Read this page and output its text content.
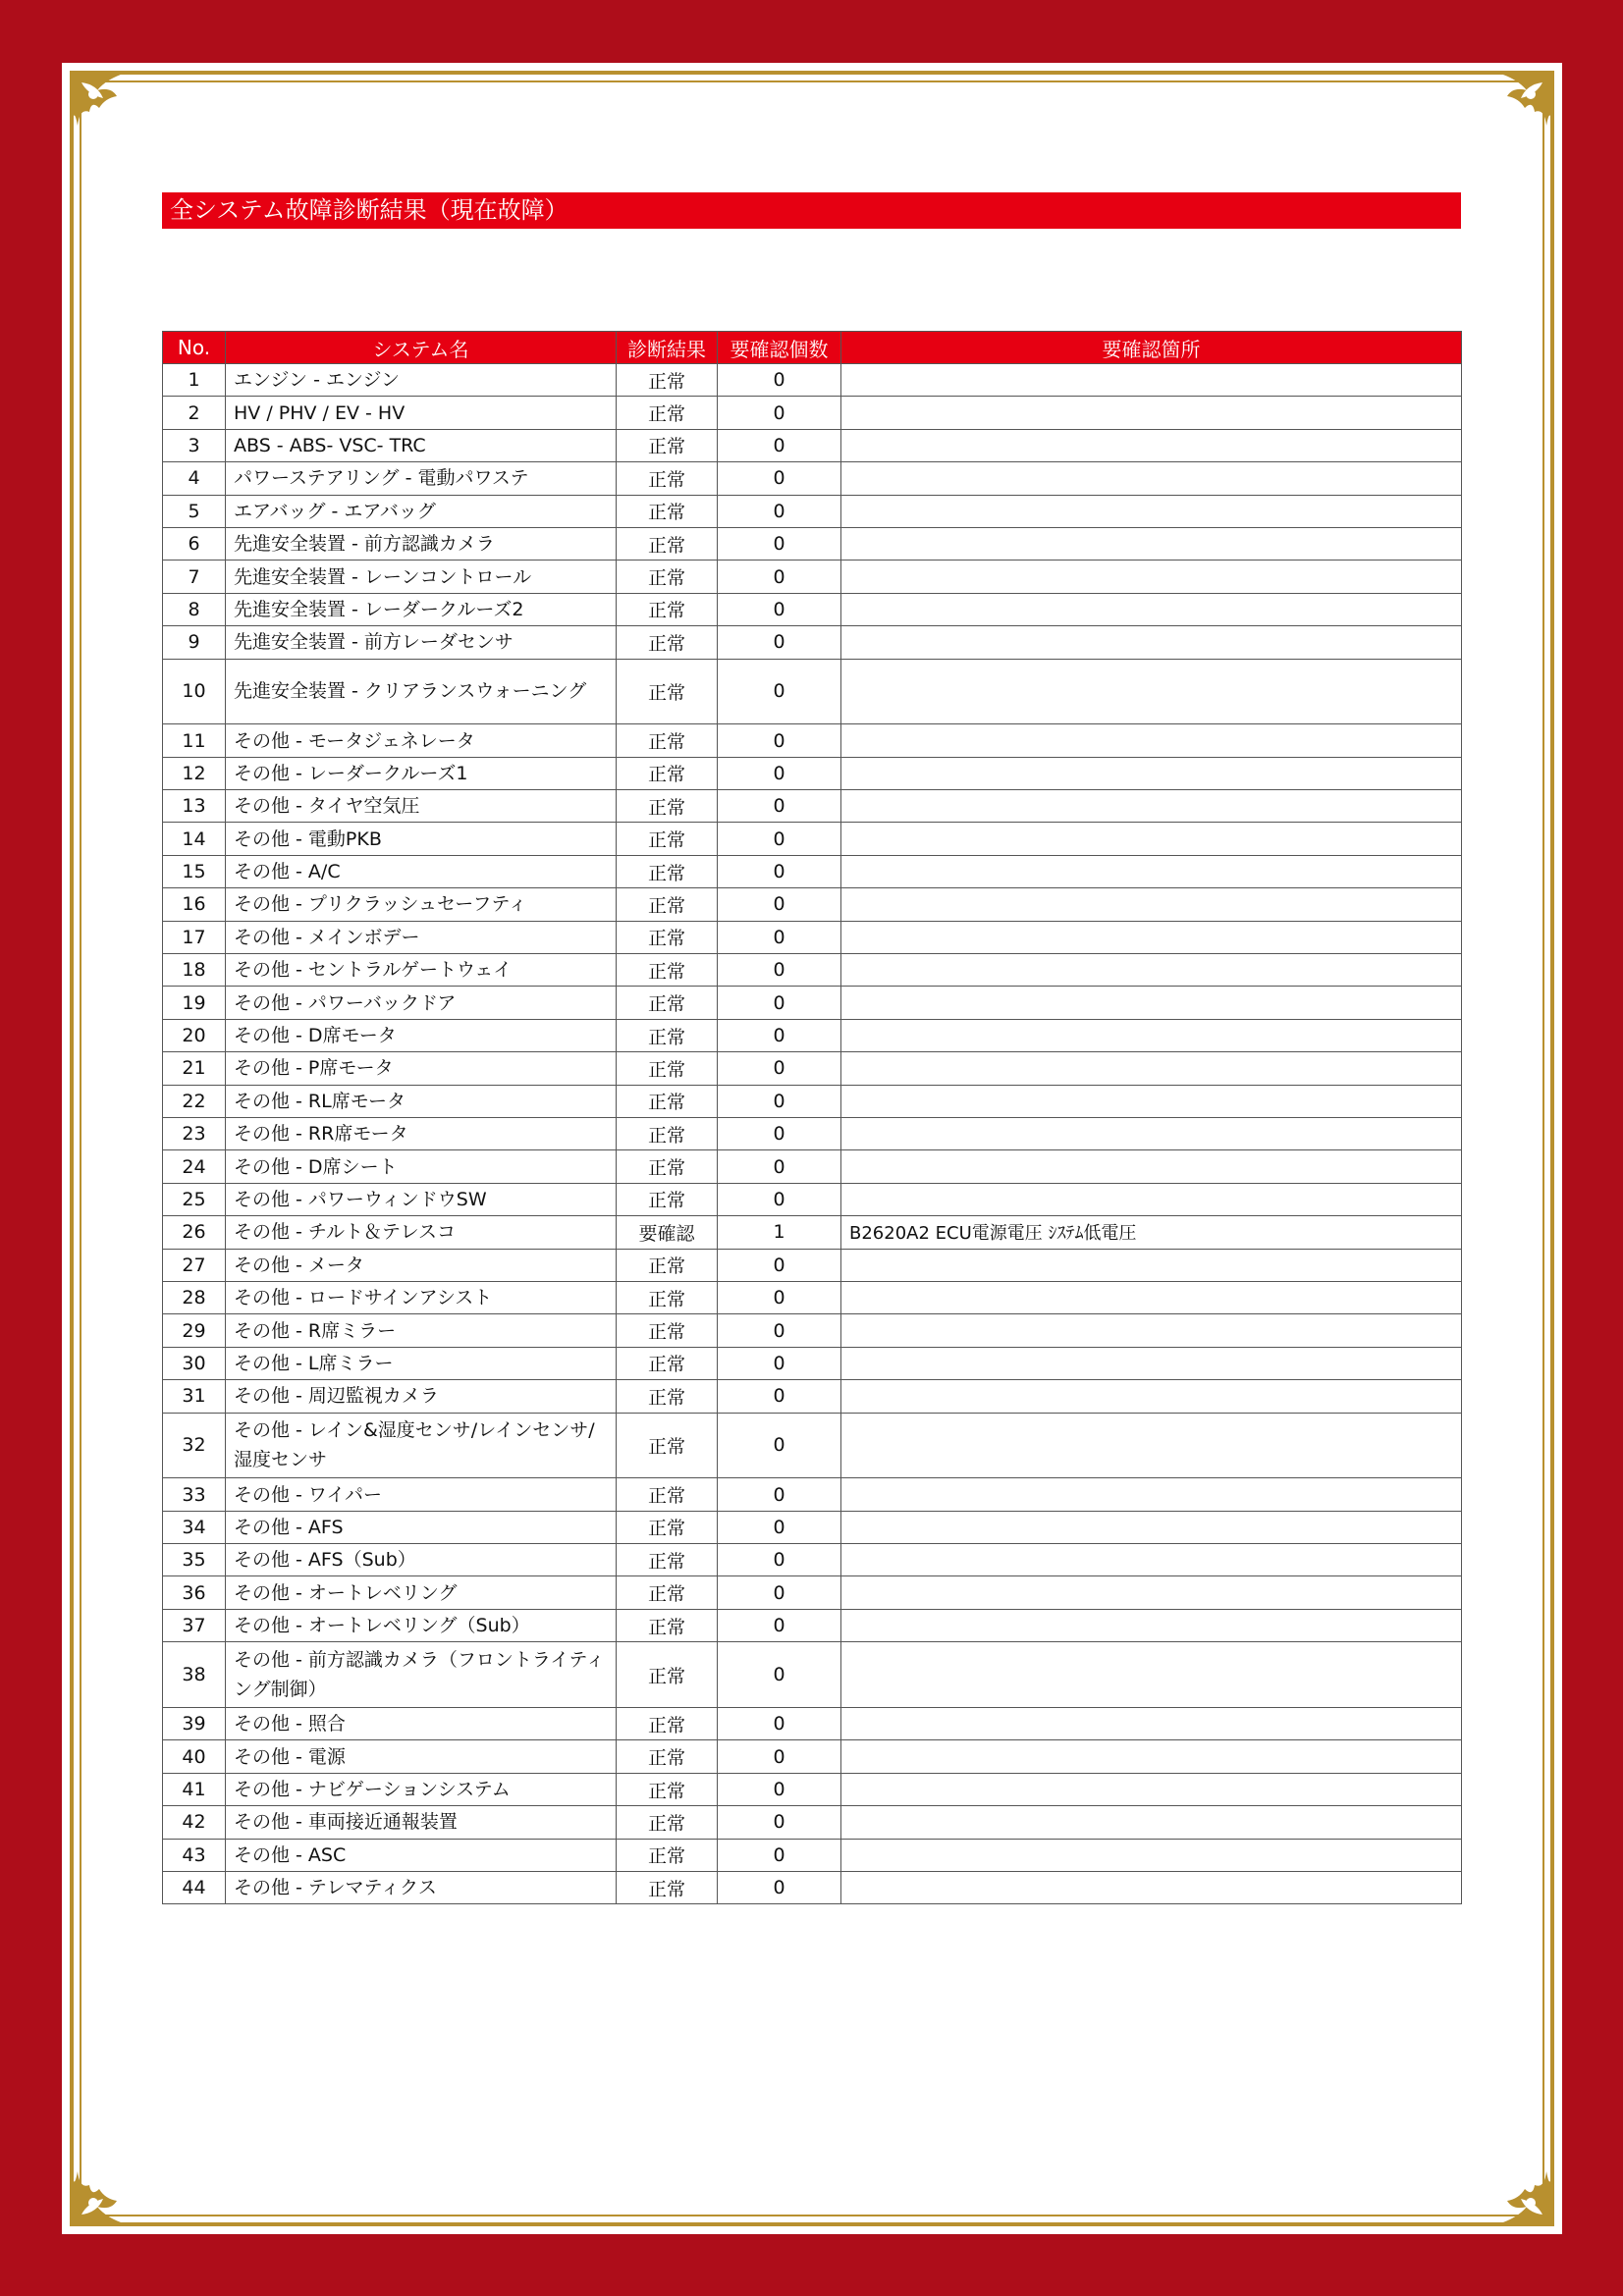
全システム故障診断結果（現在故障）
No.	システム名	診断結果	要確認個数	要確認箇所
1	エンジン - エンジン	正常	0	
2	HV / PHV / EV - HV	正常	0	
3	ABS - ABS- VSC- TRC	正常	0	
4	パワーステアリング - 電動パワステ	正常	0	
5	エアバッグ - エアバッグ	正常	0	
6	先進安全装置 - 前方認識カメラ	正常	0	
7	先進安全装置 - レーンコントロール	正常	0	
8	先進安全装置 - レーダークルーズ2	正常	0	
9	先進安全装置 - 前方レーダセンサ	正常	0	
10	先進安全装置 - クリアランスウォーニング	正常	0	
11	その他 - モータジェネレータ	正常	0	
12	その他 - レーダークルーズ1	正常	0	
13	その他 - タイヤ空気圧	正常	0	
14	その他 - 電動PKB	正常	0	
15	その他 - A/C	正常	0	
16	その他 - プリクラッシュセーフティ	正常	0	
17	その他 - メインボデー	正常	0	
18	その他 - セントラルゲートウェイ	正常	0	
19	その他 - パワーバックドア	正常	0	
20	その他 - D席モータ	正常	0	
21	その他 - P席モータ	正常	0	
22	その他 - RL席モータ	正常	0	
23	その他 - RR席モータ	正常	0	
24	その他 - D席シート	正常	0	
25	その他 - パワーウィンドウSW	正常	0	
26	その他 - チルト＆テレスコ	要確認	1	B2620A2 ECU電源電圧 ｼｽﾃﾑ低電圧
27	その他 - メータ	正常	0	
28	その他 - ロードサインアシスト	正常	0	
29	その他 - R席ミラー	正常	0	
30	その他 - L席ミラー	正常	0	
31	その他 - 周辺監視カメラ	正常	0	
32	その他 - レイン&湿度センサ/レインセンサ/湿度センサ	正常	0	
33	その他 - ワイパー	正常	0	
34	その他 - AFS	正常	0	
35	その他 - AFS（Sub）	正常	0	
36	その他 - オートレベリング	正常	0	
37	その他 - オートレベリング（Sub）	正常	0	
38	その他 - 前方認識カメラ（フロントライティング制御）	正常	0	
39	その他 - 照合	正常	0	
40	その他 - 電源	正常	0	
41	その他 - ナビゲーションシステム	正常	0	
42	その他 - 車両接近通報装置	正常	0	
43	その他 - ASC	正常	0	
44	その他 - テレマティクス	正常	0	
